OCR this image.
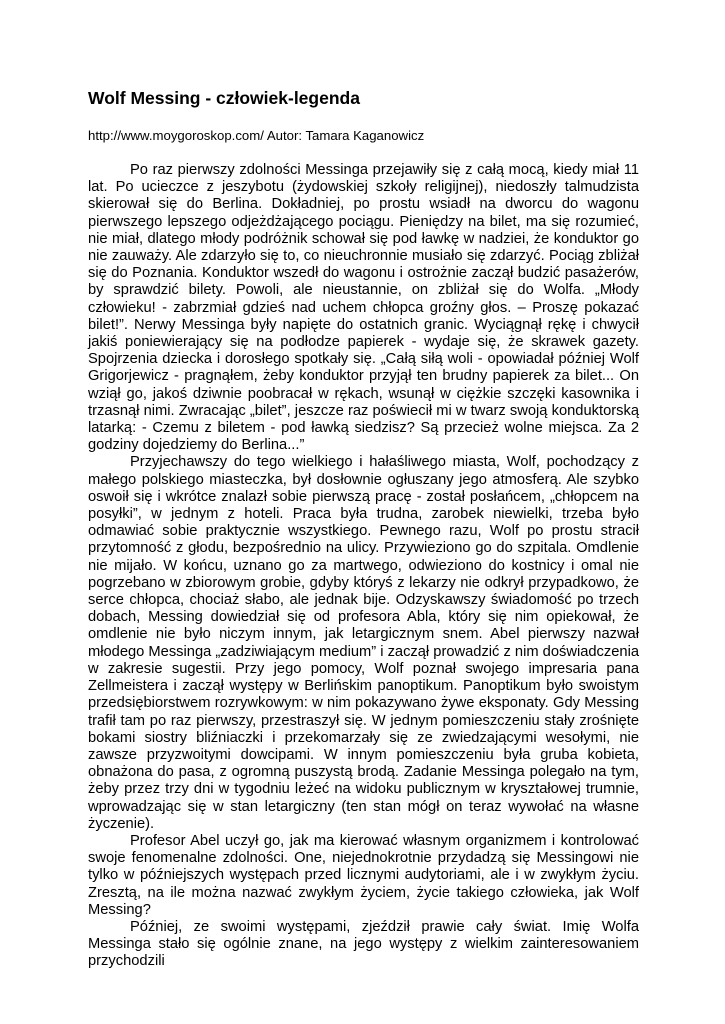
Wolf Messing - człowiek-legenda

http://www.moygoroskop.com/ Autor: Tamara Kaganowicz

Po raz pierwszy zdolności Messinga przejawiły się z całą mocą, kiedy miał 11 lat. Po ucieczce z jeszybotu (żydowskiej szkoły religijnej), niedoszły talmudzista skierował się do Berlina. Dokładniej, po prostu wsiadł na dworcu do wagonu pierwszego lepszego odjeżdżającego pociągu. Pieniędzy na bilet, ma się rozumieć, nie miał, dlatego młody podróżnik schował się pod ławkę w nadziei, że konduktor go nie zauważy. Ale zdarzyło się to, co nieuchronnie musiało się zdarzyć. Pociąg zbliżał się do Poznania. Konduktor wszedł do wagonu i ostrożnie zaczął budzić pasażerów, by sprawdzić bilety. Powoli, ale nieustannie, on zbliżał się do Wolfa. „Młody człowieku! - zabrzmiał gdzieś nad uchem chłopca groźny głos. – Proszę pokazać bilet!”. Nerwy Messinga były napięte do ostatnich granic. Wyciągnął rękę i chwycił jakiś poniewierający się na podłodze papierek - wydaje się, że skrawek gazety. Spojrzenia dziecka i dorosłego spotkały się. „Całą siłą woli - opowiadał później Wolf Grigorjewicz - pragnąłem, żeby konduktor przyjął ten brudny papierek za bilet... On wziął go, jakoś dziwnie poobracał w rękach, wsunął w ciężkie szczęki kasownika i trzasnął nimi. Zwracając „bilet”, jeszcze raz poświecił mi w twarz swoją konduktorską latarką: - Czemu z biletem - pod ławką siedzisz? Są przecież wolne miejsca. Za 2 godziny dojedziemy do Berlina...”

Przyjechawszy do tego wielkiego i hałaśliwego miasta, Wolf, pochodzący z małego polskiego miasteczka, był dosłownie ogłuszany jego atmosferą. Ale szybko oswoił się i wkrótce znalazł sobie pierwszą pracę - został posłańcem, „chłopcem na posyłki”, w jednym z hoteli. Praca była trudna, zarobek niewielki, trzeba było odmawiać sobie praktycznie wszystkiego. Pewnego razu, Wolf po prostu stracił przytomność z głodu, bezpośrednio na ulicy. Przywieziono go do szpitala. Omdlenie nie mijało. W końcu, uznano go za martwego, odwieziono do kostnicy i omal nie pogrzebano w zbiorowym grobie, gdyby któryś z lekarzy nie odkrył przypadkowo, że serce chłopca, chociaż słabo, ale jednak bije. Odzyskawszy świadomość po trzech dobach, Messing dowiedział się od profesora Abla, który się nim opiekował, że omdlenie nie było niczym innym, jak letargicznym snem. Abel pierwszy nazwał młodego Messinga „zadziwiającym medium” i zaczął prowadzić z nim doświadczenia w zakresie sugestii. Przy jego pomocy, Wolf poznał swojego impresaria pana Zellmeistera i zaczął występy w Berlińskim panoptikum. Panoptikum było swoistym przedsiębiorstwem rozrywkowym: w nim pokazywano żywe eksponaty. Gdy Messing trafił tam po raz pierwszy, przestraszył się. W jednym pomieszczeniu stały zrośnięte bokami siostry bliźniaczki i przekomarzały się ze zwiedzającymi wesołymi, nie zawsze przyzwoitymi dowcipami. W innym pomieszczeniu była gruba kobieta, obnażona do pasa, z ogromną puszystą brodą. Zadanie Messinga polegało na tym, żeby przez trzy dni w tygodniu leżeć na widoku publicznym w kryształowej trumnie, wprowadzając się w stan letargiczny (ten stan mógł on teraz wywołać na własne życzenie).

Profesor Abel uczył go, jak ma kierować własnym organizmem i kontrolować swoje fenomenalne zdolności. One, niejednokrotnie przydadzą się Messingowi nie tylko w późniejszych występach przed licznymi audytoriami, ale i w zwykłym życiu. Zresztą, na ile można nazwać zwykłym życiem, życie takiego człowieka, jak Wolf Messing?

Później, ze swoimi występami, zjeździł prawie cały świat. Imię Wolfa Messinga stało się ogólnie znane, na jego występy z wielkim zainteresowaniem przychodzili
